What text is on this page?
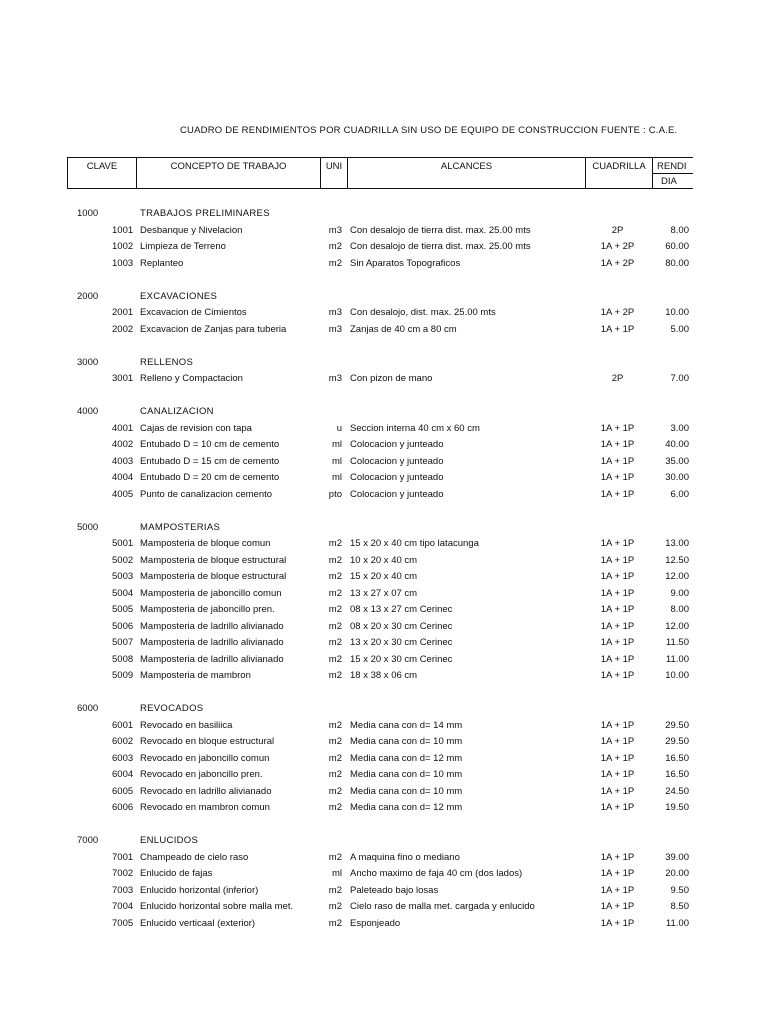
CUADRO DE RENDIMIENTOS POR CUADRILLA SIN USO DE EQUIPO DE CONSTRUCCION FUENTE : C.A.E.
CLAVE	CONCEPTO DE TRABAJO	UNI	ALCANCES	CUADRILLA	RENDI
DIA
1000	TRABAJOS PRELIMINARES
1001 Desbanque y Nivelacion	m3 Con desalojo de tierra dist. max. 25.00 mts	2P	8.00
1002 Limpieza de Terreno	m2 Con desalojo de tierra dist. max. 25.00 mts	1A + 2P	60.00
1003 Replanteo	m2 Sin Aparatos Topograficos	1A + 2P	80.00
2000	EXCAVACIONES
2001 Excavacion de Cimientos	m3 Con desalojo, dist. max. 25.00 mts	1A + 2P	10.00
2002 Excavacion de Zanjas para tuberia	m3 Zanjas de 40 cm a 80 cm	1A + 1P	5.00
3000	RELLENOS
3001 Relleno y Compactacion	m3 Con pizon de mano	2P	7.00
4000	CANALIZACION
4001 Cajas de revision con tapa	u Seccion interna 40 cm x 60 cm	1A + 1P	3.00
4002 Entubado D = 10 cm de cemento	ml Colocacion y junteado	1A + 1P	40.00
4003 Entubado D = 15 cm de cemento	ml Colocacion y junteado	1A + 1P	35.00
4004 Entubado D = 20 cm de cemento	ml Colocacion y junteado	1A + 1P	30.00
4005 Punto de canalizacion cemento	pto Colocacion y junteado	1A + 1P	6.00
5000	MAMPOSTERIAS
5001 Mamposteria de bloque comun	m2 15 x 20 x 40 cm tipo latacunga	1A + 1P	13.00
5002 Mamposteria de bloque estructural	m2 10 x 20 x 40 cm	1A + 1P	12.50
5003 Mamposteria de bloque estructural	m2 15 x 20 x 40 cm	1A + 1P	12.00
5004 Mamposteria de jaboncillo comun	m2 13 x 27 x 07 cm	1A + 1P	9.00
5005 Mamposteria de jaboncillo pren.	m2 08 x 13 x 27 cm Cerinec	1A + 1P	8.00
5006 Mamposteria de ladrillo alivianado	m2 08 x 20 x 30 cm Cerinec	1A + 1P	12.00
5007 Mamposteria de ladrillo alivianado	m2 13 x 20 x 30 cm Cerinec	1A + 1P	11.50
5008 Mamposteria de ladrillo alivianado	m2 15 x 20 x 30 cm Cerinec	1A + 1P	11.00
5009 Mamposteria de mambron	m2 18 x 38 x 06 cm	1A + 1P	10.00
6000	REVOCADOS
6001 Revocado en basiliica	m2 Media cana con d= 14 mm	1A + 1P	29.50
6002 Revocado en bloque estructural	m2 Media cana con d= 10 mm	1A + 1P	29.50
6003 Revocado en jaboncillo comun	m2 Media cana con d= 12 mm	1A + 1P	16.50
6004 Revocado en jaboncillo pren.	m2 Media cana con d= 10 mm	1A + 1P	16.50
6005 Revocado en ladrillo alivianado	m2 Media cana con d= 10 mm	1A + 1P	24.50
6006 Revocado en mambron comun	m2 Media cana con d= 12 mm	1A + 1P	19.50
7000	ENLUCIDOS
7001 Champeado de cielo raso	m2 A maquina fino o mediano	1A + 1P	39.00
7002 Enlucido de fajas	ml Ancho maximo de faja 40 cm (dos lados)	1A + 1P	20.00
7003 Enlucido horizontal (inferior)	m2 Paleteado bajo losas	1A + 1P	9.50
7004 Enlucido horizontal sobre malla met.	m2 Cielo raso de malla met. cargada y enlucido	1A + 1P	8.50
7005 Enlucido verticaal (exterior)	m2 Esponjeado	1A + 1P	11.00
